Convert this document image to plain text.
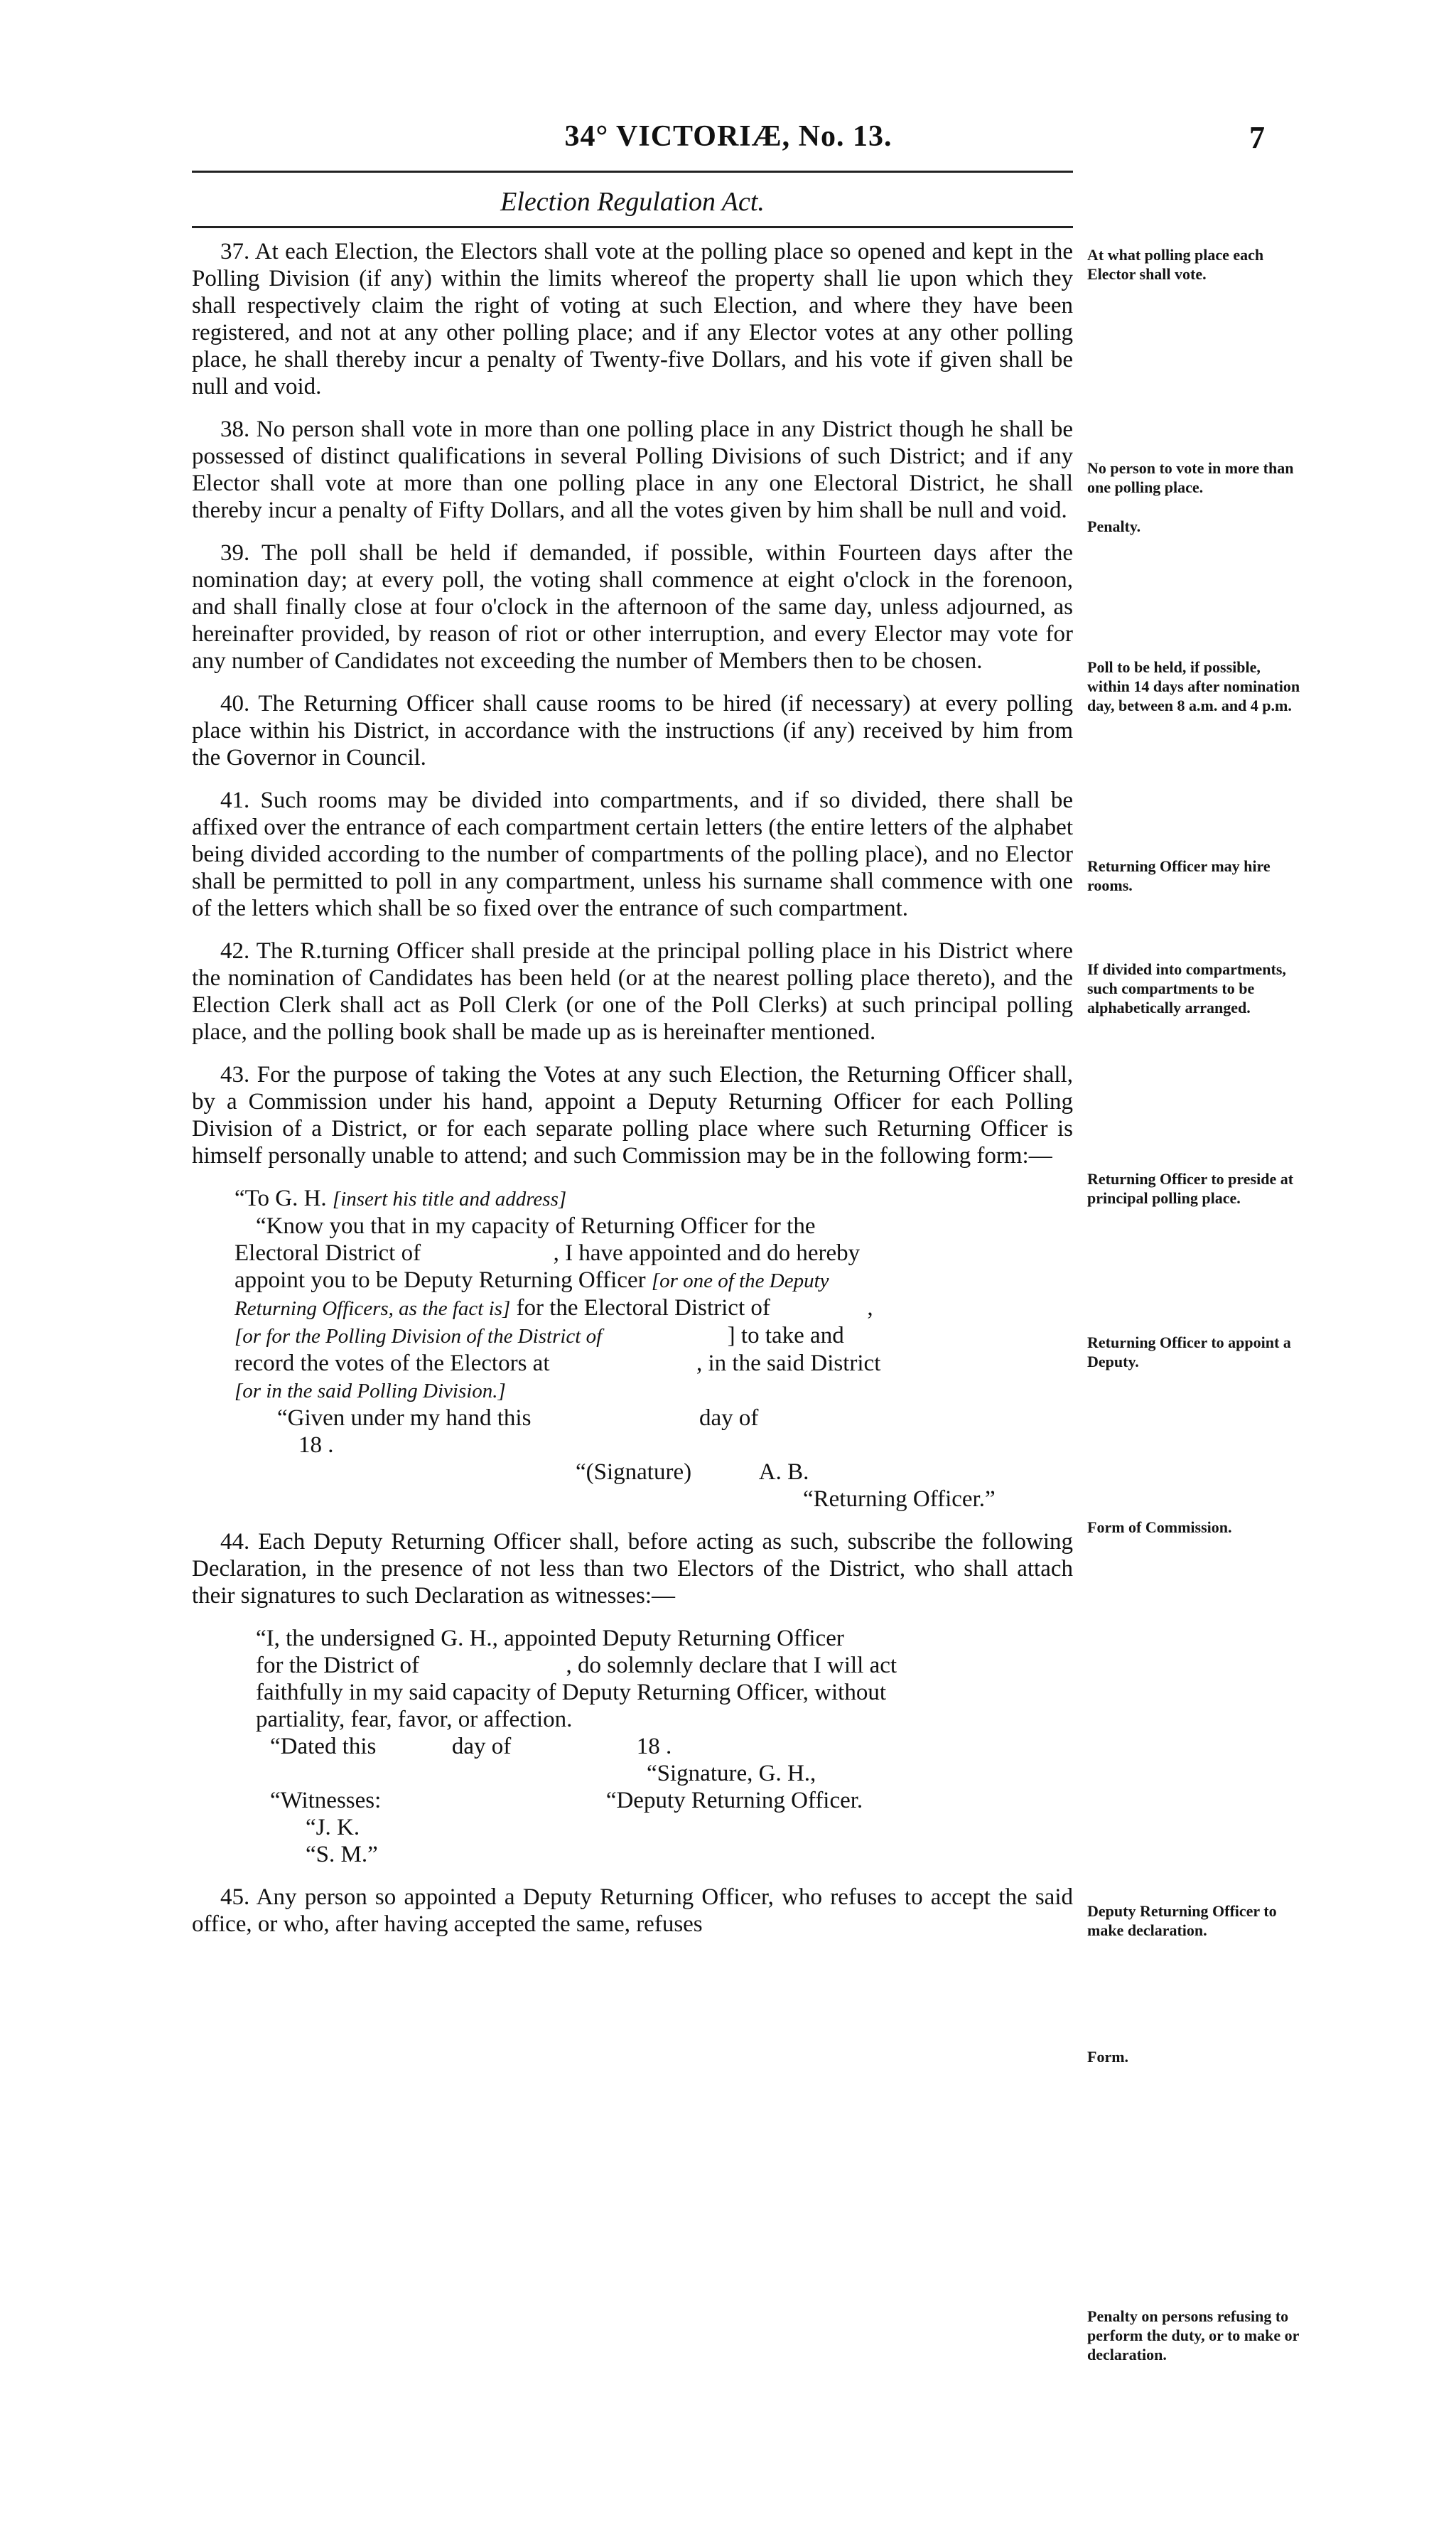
34° VICTORIÆ, No. 13.	7
Election Regulation Act.

37. At each Election, the Electors shall vote at the polling place so opened and kept in the Polling Division (if any) within the limits whereof the property shall lie upon which they shall respectively claim the right of voting at such Election, and where they have been registered, and not at any other polling place; and if any Elector votes at any other polling place, he shall thereby incur a penalty of Twenty-five Dollars, and his vote if given shall be null and void.

38. No person shall vote in more than one polling place in any District though he shall be possessed of distinct qualifications in several Polling Divisions of such District; and if any Elector shall vote at more than one polling place in any one Electoral District, he shall thereby incur a penalty of Fifty Dollars, and all the votes given by him shall be null and void.

39. The poll shall be held if demanded, if possible, within Fourteen days after the nomination day; at every poll, the voting shall commence at eight o'clock in the forenoon, and shall finally close at four o'clock in the afternoon of the same day, unless adjourned, as hereinafter provided, by reason of riot or other interruption, and every Elector may vote for any number of Candidates not exceeding the number of Members then to be chosen.

40. The Returning Officer shall cause rooms to be hired (if necessary) at every polling place within his District, in accordance with the instructions (if any) received by him from the Governor in Council.

41. Such rooms may be divided into compartments, and if so divided, there shall be affixed over the entrance of each compartment certain letters (the entire letters of the alphabet being divided according to the number of compartments of the polling place), and no Elector shall be permitted to poll in any compartment, unless his surname shall commence with one of the letters which shall be so fixed over the entrance of such compartment.

42. The R.turning Officer shall preside at the principal polling place in his District where the nomination of Candidates has been held (or at the nearest polling place thereto), and the Election Clerk shall act as Poll Clerk (or one of the Poll Clerks) at such principal polling place, and the polling book shall be made up as is hereinafter mentioned.

43. For the purpose of taking the Votes at any such Election, the Returning Officer shall, by a Commission under his hand, appoint a Deputy Returning Officer for each Polling Division of a District, or for each separate polling place where such Returning Officer is himself personally unable to attend; and such Commission may be in the following form:—

“To G. H. [insert his title and address]
“Know you that in my capacity of Returning Officer for the
Electoral District of	, I have appointed and do hereby
appoint you to be Deputy Returning Officer [or one of the Deputy
Returning Officers, as the fact is] for the Electoral District of	,
[or for the Polling Division of the District of	] to take and
record the votes of the Electors at	, in the said District
[or in the said Polling Division.]
“Given under my hand this	day of
18 .
“(Signature)	A. B.
“Returning Officer.”

44. Each Deputy Returning Officer shall, before acting as such, subscribe the following Declaration, in the presence of not less than two Electors of the District, who shall attach their signatures to such Declaration as witnesses:—

“I, the undersigned G. H., appointed Deputy Returning Officer
for the District of	, do solemnly declare that I will act
faithfully in my said capacity of Deputy Returning Officer, without
partiality, fear, favor, or affection.
“Dated this	day of	18 .
“Signature, G. H.,
“Witnesses:	“Deputy Returning Officer.
“J. K.
“S. M.”

45. Any person so appointed a Deputy Returning Officer, who refuses to accept the said office, or who, after having accepted the same, refuses

At what polling place each Elector shall vote.
No person to vote in more than one polling place.
Penalty.
Poll to be held, if possible, within 14 days after nomination day, between 8 a.m. and 4 p.m.
Returning Officer may hire rooms.
If divided into compartments, such compartments to be alphabetically arranged.
Returning Officer to preside at principal polling place.
Returning Officer to appoint a Deputy.
Form of Commission.
Deputy Returning Officer to make declaration.
Form.
Penalty on persons refusing to perform the duty, or to make or declaration.
